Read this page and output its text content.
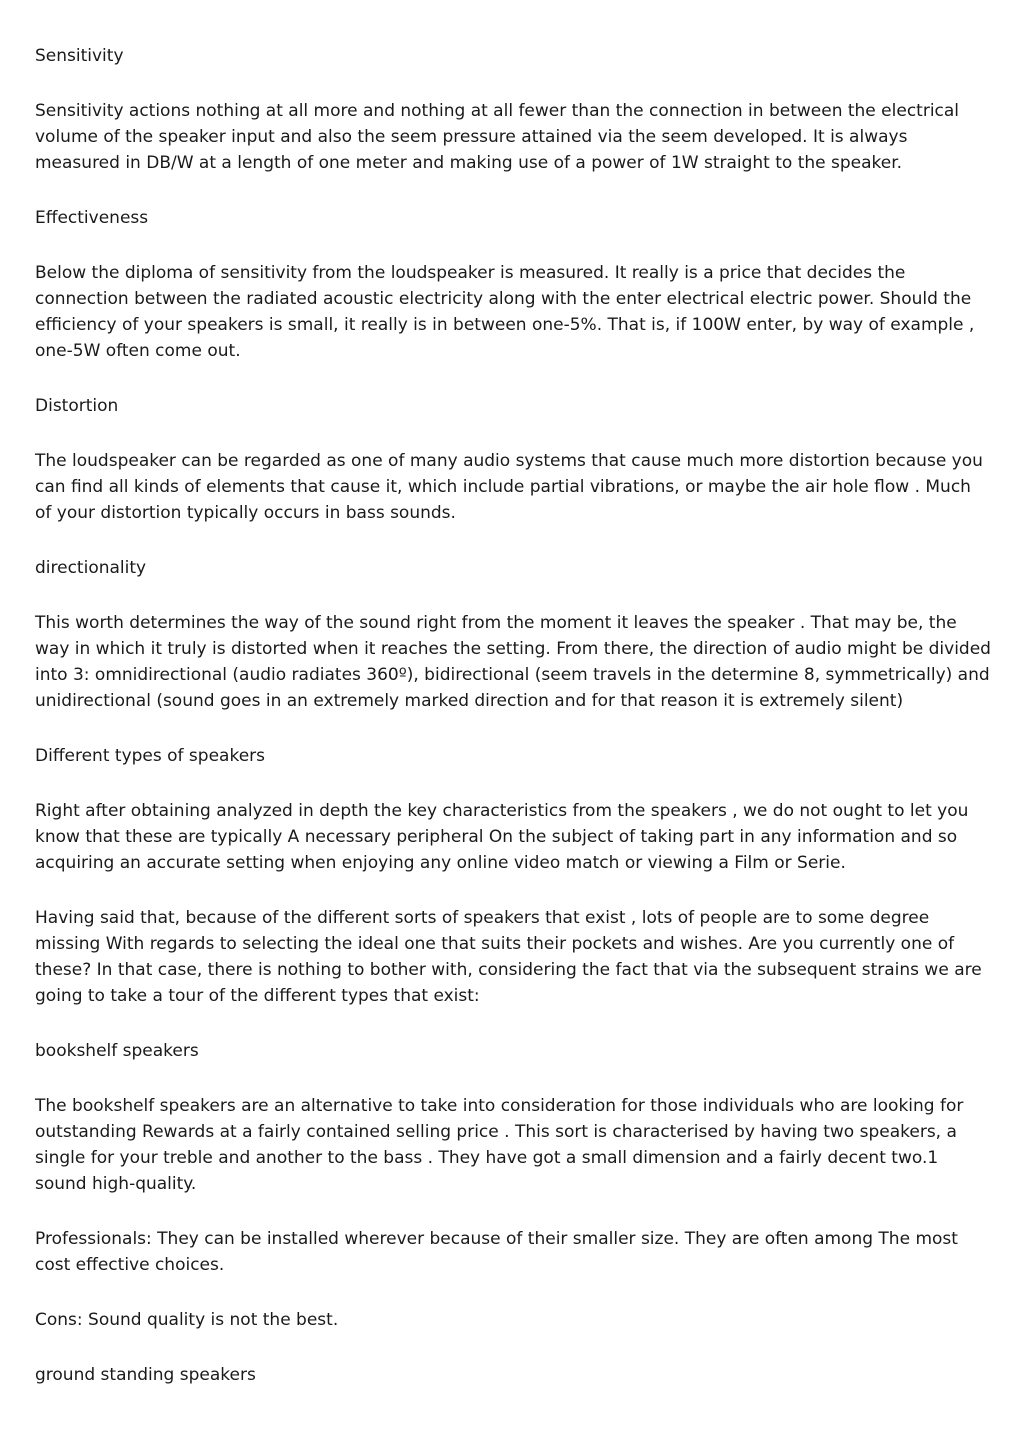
Sensitivity
Sensitivity actions nothing at all more and nothing at all fewer than the connection in between the electrical volume of the speaker input and also the seem pressure attained via the seem developed. It is always measured in DB/W at a length of one meter and making use of a power of 1W straight to the speaker.
Effectiveness
Below the diploma of sensitivity from the loudspeaker is measured. It really is a price that decides the connection between the radiated acoustic electricity along with the enter electrical electric power. Should the efficiency of your speakers is small, it really is in between one-5%. That is, if 100W enter, by way of example , one-5W often come out.
Distortion
The loudspeaker can be regarded as one of many audio systems that cause much more distortion because you can find all kinds of elements that cause it, which include partial vibrations, or maybe the air hole flow . Much of your distortion typically occurs in bass sounds.
directionality
This worth determines the way of the sound right from the moment it leaves the speaker . That may be, the way in which it truly is distorted when it reaches the setting. From there, the direction of audio might be divided into 3: omnidirectional (audio radiates 360º), bidirectional (seem travels in the determine 8, symmetrically) and unidirectional (sound goes in an extremely marked direction and for that reason it is extremely silent)
Different types of speakers
Right after obtaining analyzed in depth the key characteristics from the speakers , we do not ought to let you know that these are typically A necessary peripheral On the subject of taking part in any information and so acquiring an accurate setting when enjoying any online video match or viewing a Film or Serie.
Having said that, because of the different sorts of speakers that exist , lots of people are to some degree missing With regards to selecting the ideal one that suits their pockets and wishes. Are you currently one of these? In that case, there is nothing to bother with, considering the fact that via the subsequent strains we are going to take a tour of the different types that exist:
bookshelf speakers
The bookshelf speakers are an alternative to take into consideration for those individuals who are looking for outstanding Rewards at a fairly contained selling price . This sort is characterised by having two speakers, a single for your treble and another to the bass . They have got a small dimension and a fairly decent two.1 sound high-quality.
Professionals: They can be installed wherever because of their smaller size. They are often among The most cost effective choices.
Cons: Sound quality is not the best.
ground standing speakers
